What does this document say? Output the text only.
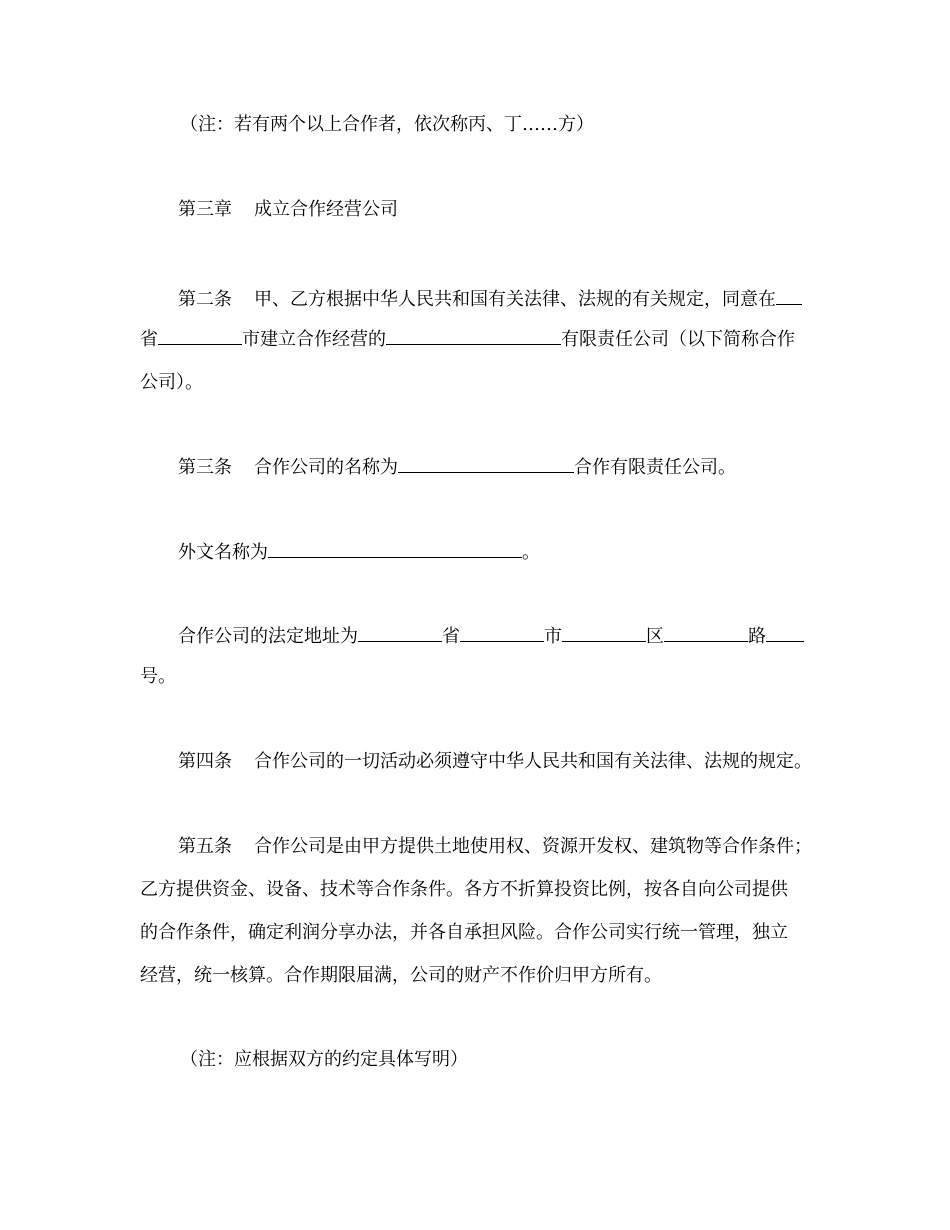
（注：若有两个以上合作者，依次称丙、丁……方）
第三章 成立合作经营公司
第二条 甲、乙方根据中华人民共和国有关法律、法规的有关规定，同意在
省	市建立合作经营的	有限责任公司（以下简称合作
公司）。
第三条 合作公司的名称为	合作有限责任公司。
外文名称为	。
合作公司的法定地址为	省	市	区	路
号。
第四条 合作公司的一切活动必须遵守中华人民共和国有关法律、法规的规定。
第五条 合作公司是由甲方提供土地使用权、资源开发权、建筑物等合作条件；
乙方提供资金、设备、技术等合作条件。各方不折算投资比例，按各自向公司提供
的合作条件，确定利润分享办法，并各自承担风险。合作公司实行统一管理，独立
经营，统一核算。合作期限届满，公司的财产不作价归甲方所有。
（注：应根据双方的约定具体写明）
